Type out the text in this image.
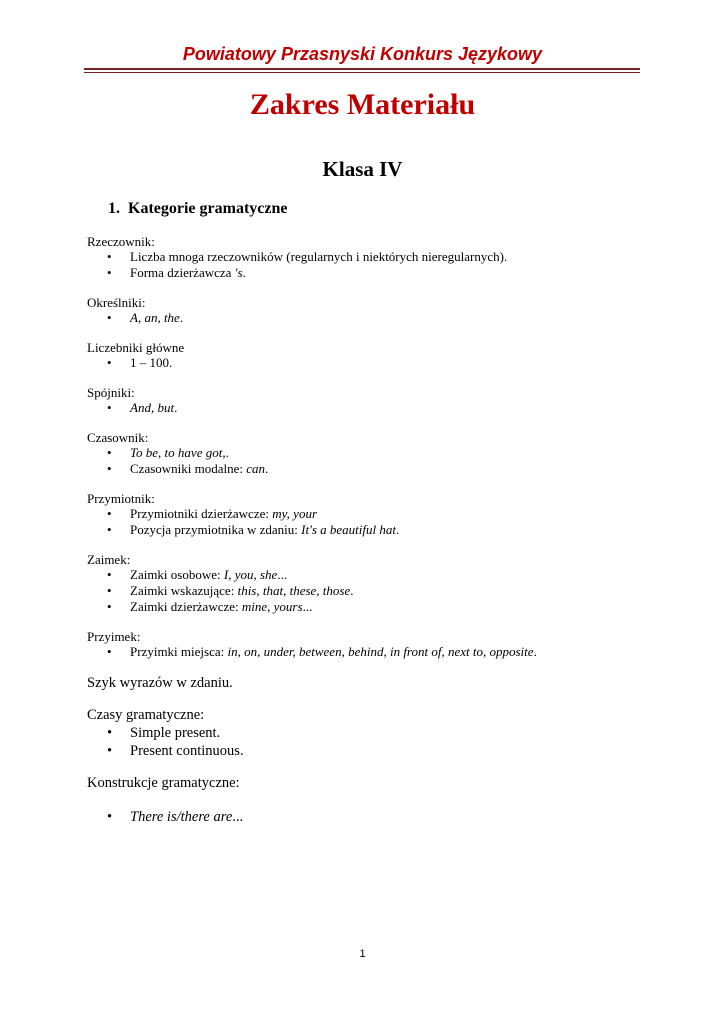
Powiatowy Przasnyski Konkurs Językowy
Zakres Materiału
Klasa IV
1. Kategorie gramatyczne
Rzeczownik:
• Liczba mnoga rzeczowników (regularnych i niektórych nieregularnych).
• Forma dzierżawcza 's.
Określniki:
• A, an, the.
Liczebniki główne
• 1 – 100.
Spójniki:
• And, but.
Czasownik:
• To be, to have got,.
• Czasowniki modalne: can.
Przymiotnik:
• Przymiotniki dzierżawcze: my, your
• Pozycja przymiotnika w zdaniu: It's a beautiful hat.
Zaimek:
• Zaimki osobowe: I, you, she...
• Zaimki wskazujące: this, that, these, those.
• Zaimki dzierżawcze: mine, yours...
Przyimek:
• Przyimki miejsca: in, on, under, between, behind, in front of, next to, opposite.
Szyk wyrazów w zdaniu.
Czasy gramatyczne:
• Simple present.
• Present continuous.
Konstrukcje gramatyczne:
• There is/there are...
1
